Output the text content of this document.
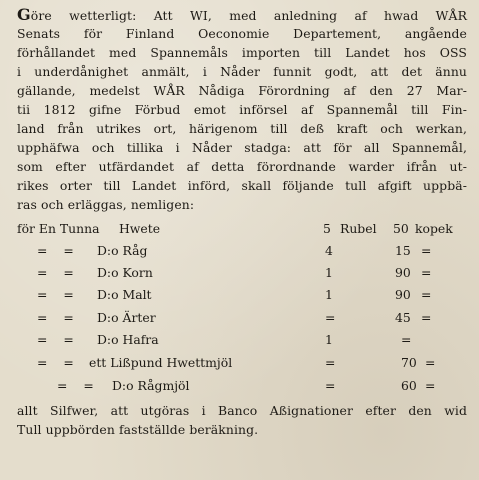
Göre wetterligt: Att WI, med anledning af hwad WÅR
Senats för Finland Oeconomie Departement, angående
förhållandet med Spannemåls importen till Landet hos OSS
i underdånighet anmält, i Nåder funnit godt, att det ännu
gällande, medelst WÅR Nådiga Förordning af den 27 Mar-
tii 1812 gifne Förbud emot införsel af Spannemål till Fin-
land från utrikes ort, härigenom till deß kraft och werkan,
upphäfwa och tillika i Nåder stadga: att för all Spannemål,
som efter utfärdandet af detta förordnande warder ifrån ut-
rikes orter till Landet införd, skall följande tull afgift uppbä-
ras och erläggas, nemligen:
för En Tunna Hwete	5 Rubel 50 kopek
= = D:o Råg	4	15 =
= = D:o Korn	1	90 =
= = D:o Malt	1	90 =
= = D:o Ärter	=	45 =
= = D:o Hafra	1	=
= = ett Lißpund Hwettmjöl	=	70 =
= = D:o Rågmjöl	=	60 =
allt Silfwer, att utgöras i Banco Aßignationer efter den wid
Tull uppbörden fastställde beräkning.
